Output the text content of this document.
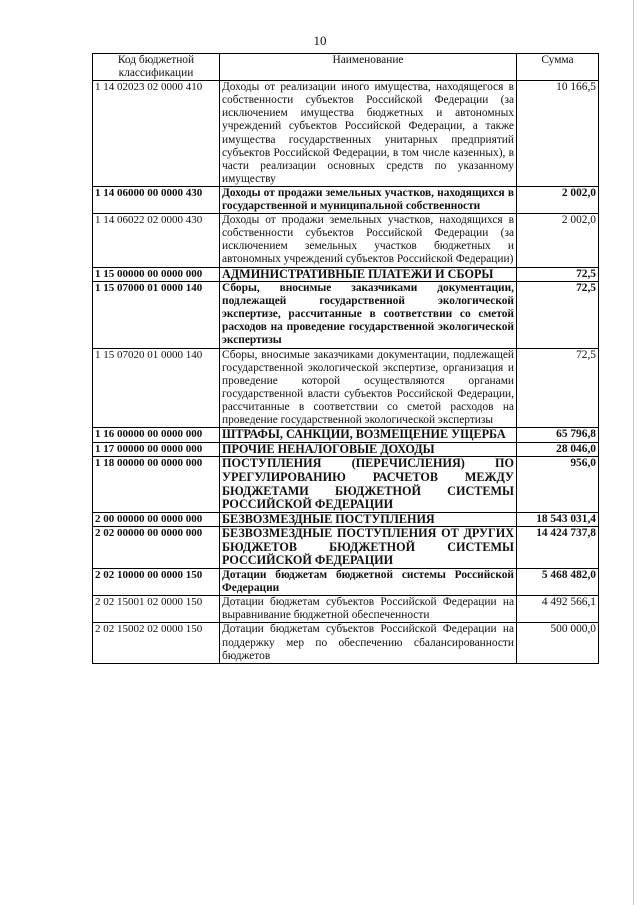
10
Код бюджетной классификации	Наименование	Сумма
1 14 02023 02 0000 410	Доходы от реализации иного имущества, находящегося в собственности субъектов Российской Федерации (за исключением имущества бюджетных и автономных учреждений субъектов Российской Федерации, а также имущества государственных унитарных предприятий субъектов Российской Федерации, в том числе казенных), в части реализации основных средств по указанному имуществу	10 166,5
1 14 06000 00 0000 430	Доходы от продажи земельных участков, находящихся в государственной и муниципальной собственности	2 002,0
1 14 06022 02 0000 430	Доходы от продажи земельных участков, находящихся в собственности субъектов Российской Федерации (за исключением земельных участков бюджетных и автономных учреждений субъектов Российской Федерации)	2 002,0
1 15 00000 00 0000 000	АДМИНИСТРАТИВНЫЕ ПЛАТЕЖИ И СБОРЫ	72,5
1 15 07000 01 0000 140	Сборы, вносимые заказчиками документации, подлежащей государственной экологической экспертизе, рассчитанные в соответствии со сметой расходов на проведение государственной экологической экспертизы	72,5
1 15 07020 01 0000 140	Сборы, вносимые заказчиками документации, подлежащей государственной экологической экспертизе, организация и проведение которой осуществляются органами государственной власти субъектов Российской Федерации, рассчитанные в соответствии со сметой расходов на проведение государственной экологической экспертизы	72,5
1 16 00000 00 0000 000	ШТРАФЫ, САНКЦИИ, ВОЗМЕЩЕНИЕ УЩЕРБА	65 796,8
1 17 00000 00 0000 000	ПРОЧИЕ НЕНАЛОГОВЫЕ ДОХОДЫ	28 046,0
1 18 00000 00 0000 000	ПОСТУПЛЕНИЯ (ПЕРЕЧИСЛЕНИЯ) ПО УРЕГУЛИРОВАНИЮ РАСЧЕТОВ МЕЖДУ БЮДЖЕТАМИ БЮДЖЕТНОЙ СИСТЕМЫ РОССИЙСКОЙ ФЕДЕРАЦИИ	956,0
2 00 00000 00 0000 000	БЕЗВОЗМЕЗДНЫЕ ПОСТУПЛЕНИЯ	18 543 031,4
2 02 00000 00 0000 000	БЕЗВОЗМЕЗДНЫЕ ПОСТУПЛЕНИЯ ОТ ДРУГИХ БЮДЖЕТОВ БЮДЖЕТНОЙ СИСТЕМЫ РОССИЙСКОЙ ФЕДЕРАЦИИ	14 424 737,8
2 02 10000 00 0000 150	Дотации бюджетам бюджетной системы Российской Федерации	5 468 482,0
2 02 15001 02 0000 150	Дотации бюджетам субъектов Российской Федерации на выравнивание бюджетной обеспеченности	4 492 566,1
2 02 15002 02 0000 150	Дотации бюджетам субъектов Российской Федерации на поддержку мер по обеспечению сбалансированности бюджетов	500 000,0
